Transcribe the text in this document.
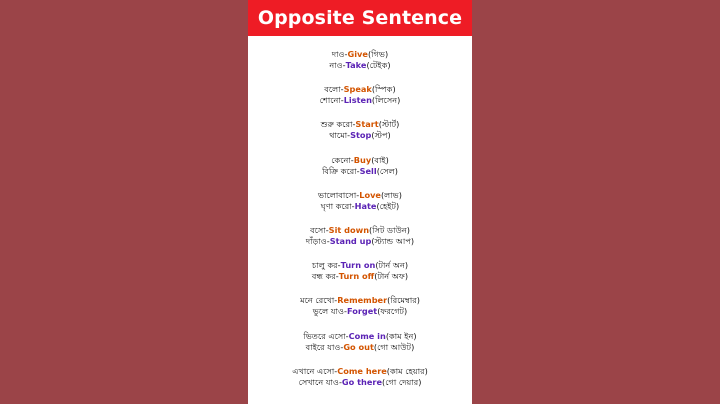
Opposite Sentence
দাও-Give(গিভ)
নাও-Take(টেইক)
বলো-Speak(স্পিক)
শোনো-Listen(লিসেন)
শুরু করো-Start(স্টার্ট)
থামো-Stop(স্টপ)
কেনো-Buy(বাই)
বিক্রি করো-Sell(সেল)
ভালোবাসো-Love(লাভ)
ঘৃণা করো-Hate(হেইট)
বসো-Sit down(সিট ডাউন)
দাঁড়াও-Stand up(স্ট্যান্ড আপ)
চালু কর-Turn on(টার্ন অন)
বন্ধ কর-Turn off(টার্ন অফ)
মনে রেখো-Remember(রিমেম্বার)
ভুলে যাও-Forget(ফরগেট)
ভিতরে এসো-Come in(কাম ইন)
বাইরে যাও-Go out(গো আউট)
এখানে এসো-Come here(কাম হেয়ার)
সেখানে যাও-Go there(গো দেয়ার)
